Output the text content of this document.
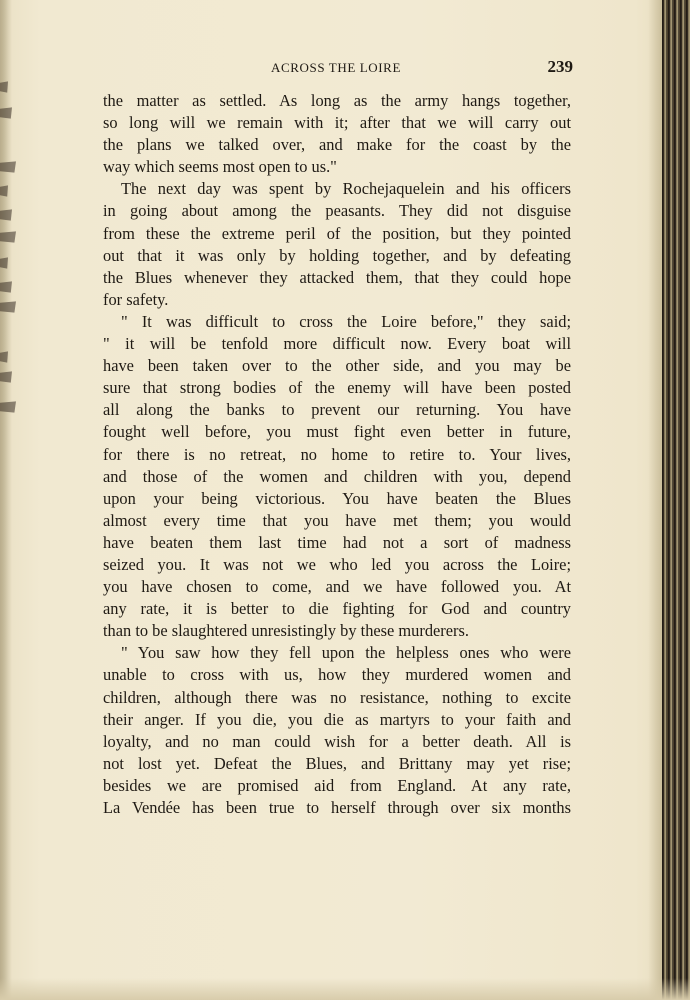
ACROSS THE LOIRE	239
the matter as settled. As long as the army hangs together,
so long will we remain with it; after that we will carry out
the plans we talked over, and make for the coast by the
way which seems most open to us."
The next day was spent by Rochejaquelein and his officers
in going about among the peasants. They did not disguise
from these the extreme peril of the position, but they pointed
out that it was only by holding together, and by defeating
the Blues whenever they attacked them, that they could hope
for safety.
" It was difficult to cross the Loire before," they said;
" it will be tenfold more difficult now. Every boat will
have been taken over to the other side, and you may be
sure that strong bodies of the enemy will have been posted
all along the banks to prevent our returning. You have
fought well before, you must fight even better in future,
for there is no retreat, no home to retire to. Your lives,
and those of the women and children with you, depend
upon your being victorious. You have beaten the Blues
almost every time that you have met them; you would
have beaten them last time had not a sort of madness
seized you. It was not we who led you across the Loire;
you have chosen to come, and we have followed you. At
any rate, it is better to die fighting for God and country
than to be slaughtered unresistingly by these murderers.
" You saw how they fell upon the helpless ones who were
unable to cross with us, how they murdered women and
children, although there was no resistance, nothing to excite
their anger. If you die, you die as martyrs to your faith and
loyalty, and no man could wish for a better death. All is
not lost yet. Defeat the Blues, and Brittany may yet rise;
besides we are promised aid from England. At any rate,
La Vendée has been true to herself through over six months
